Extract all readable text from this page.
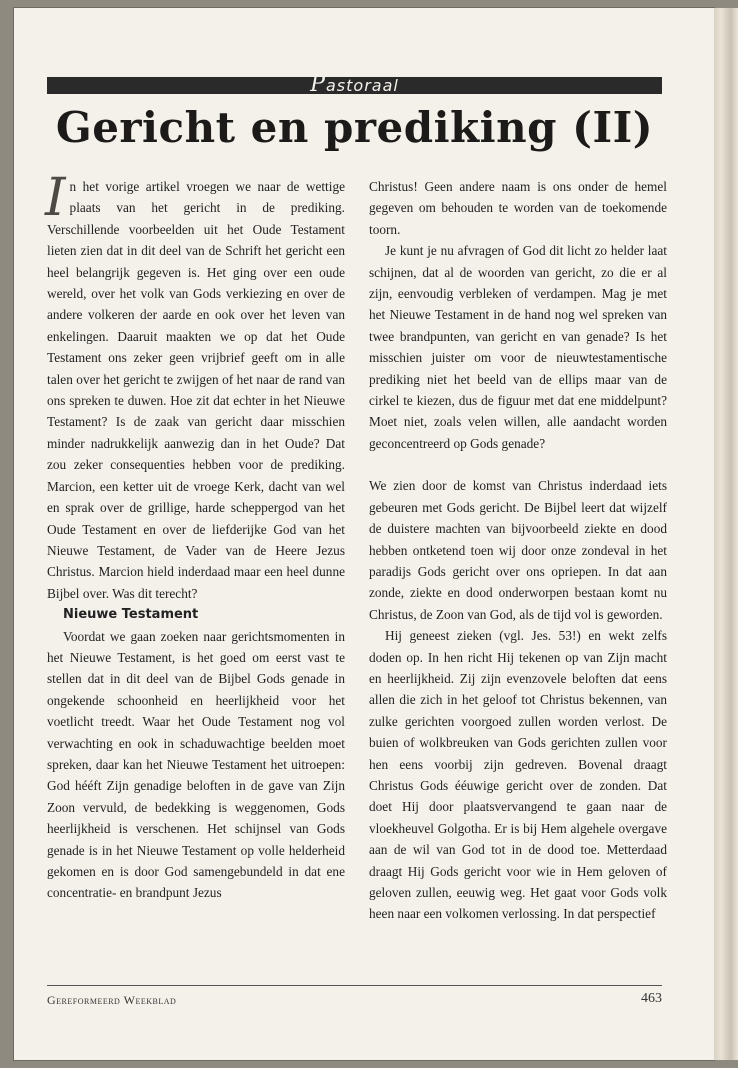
Pastoraal
Gericht en prediking (II)

In het vorige artikel vroegen we naar de wettige plaats van het gericht in de prediking. Verschillende voorbeelden uit het Oude Testament lieten zien dat in dit deel van de Schrift het gericht een heel belangrijk gegeven is. Het ging over een oude wereld, over het volk van Gods verkiezing en over de andere volkeren der aarde en ook over het leven van enkelingen. Daaruit maakten we op dat het Oude Testament ons zeker geen vrijbrief geeft om in alle talen over het gericht te zwijgen of het naar de rand van ons spreken te duwen. Hoe zit dat echter in het Nieuwe Testament? Is de zaak van gericht daar misschien minder nadrukkelijk aanwezig dan in het Oude? Dat zou zeker consequenties hebben voor de prediking. Marcion, een ketter uit de vroege Kerk, dacht van wel en sprak over de grillige, harde scheppergod van het Oude Testament en over de liefderijke God van het Nieuwe Testament, de Vader van de Heere Jezus Christus. Marcion hield inderdaad maar een heel dunne Bijbel over. Was dit terecht?

Nieuwe Testament

Voordat we gaan zoeken naar gerichtsmomenten in het Nieuwe Testament, is het goed om eerst vast te stellen dat in dit deel van de Bijbel Gods genade in ongekende schoonheid en heerlijkheid voor het voetlicht treedt. Waar het Oude Testament nog vol verwachting en ook in schaduwachtige beelden moet spreken, daar kan het Nieuwe Testament het uitroepen: God hééft Zijn genadige beloften in de gave van Zijn Zoon vervuld, de bedekking is weggenomen, Gods heerlijkheid is verschenen. Het schijnsel van Gods genade is in het Nieuwe Testament op volle helderheid gekomen en is door God samengebundeld in dat ene concentratie- en brandpunt Jezus

Christus! Geen andere naam is ons onder de hemel gegeven om behouden te worden van de toekomende toorn.

Je kunt je nu afvragen of God dit licht zo helder laat schijnen, dat al de woorden van gericht, zo die er al zijn, eenvoudig verbleken of verdampen. Mag je met het Nieuwe Testament in de hand nog wel spreken van twee brandpunten, van gericht en van genade? Is het misschien juister om voor de nieuwtestamentische prediking niet het beeld van de ellips maar van de cirkel te kiezen, dus de figuur met dat ene middelpunt? Moet niet, zoals velen willen, alle aandacht worden geconcentreerd op Gods genade?

We zien door de komst van Christus inderdaad iets gebeuren met Gods gericht. De Bijbel leert dat wijzelf de duistere machten van bijvoorbeeld ziekte en dood hebben ontketend toen wij door onze zondeval in het paradijs Gods gericht over ons opriepen. In dat aan zonde, ziekte en dood onderworpen bestaan komt nu Christus, de Zoon van God, als de tijd vol is geworden.

Hij geneest zieken (vgl. Jes. 53!) en wekt zelfs doden op. In hen richt Hij tekenen op van Zijn macht en heerlijkheid. Zij zijn evenzovele beloften dat eens allen die zich in het geloof tot Christus bekennen, van zulke gerichten voorgoed zullen worden verlost. De buien of wolkbreuken van Gods gerichten zullen voor hen eens voorbij zijn gedreven. Bovenal draagt Christus Gods ééuwige gericht over de zonden. Dat doet Hij door plaatsvervangend te gaan naar de vloekheuvel Golgotha. Er is bij Hem algehele overgave aan de wil van God tot in de dood toe. Metterdaad draagt Hij Gods gericht voor wie in Hem geloven of geloven zullen, eeuwig weg. Het gaat voor Gods volk heen naar een volkomen verlossing. In dat perspectief

Gereformeerd Weekblad	463
